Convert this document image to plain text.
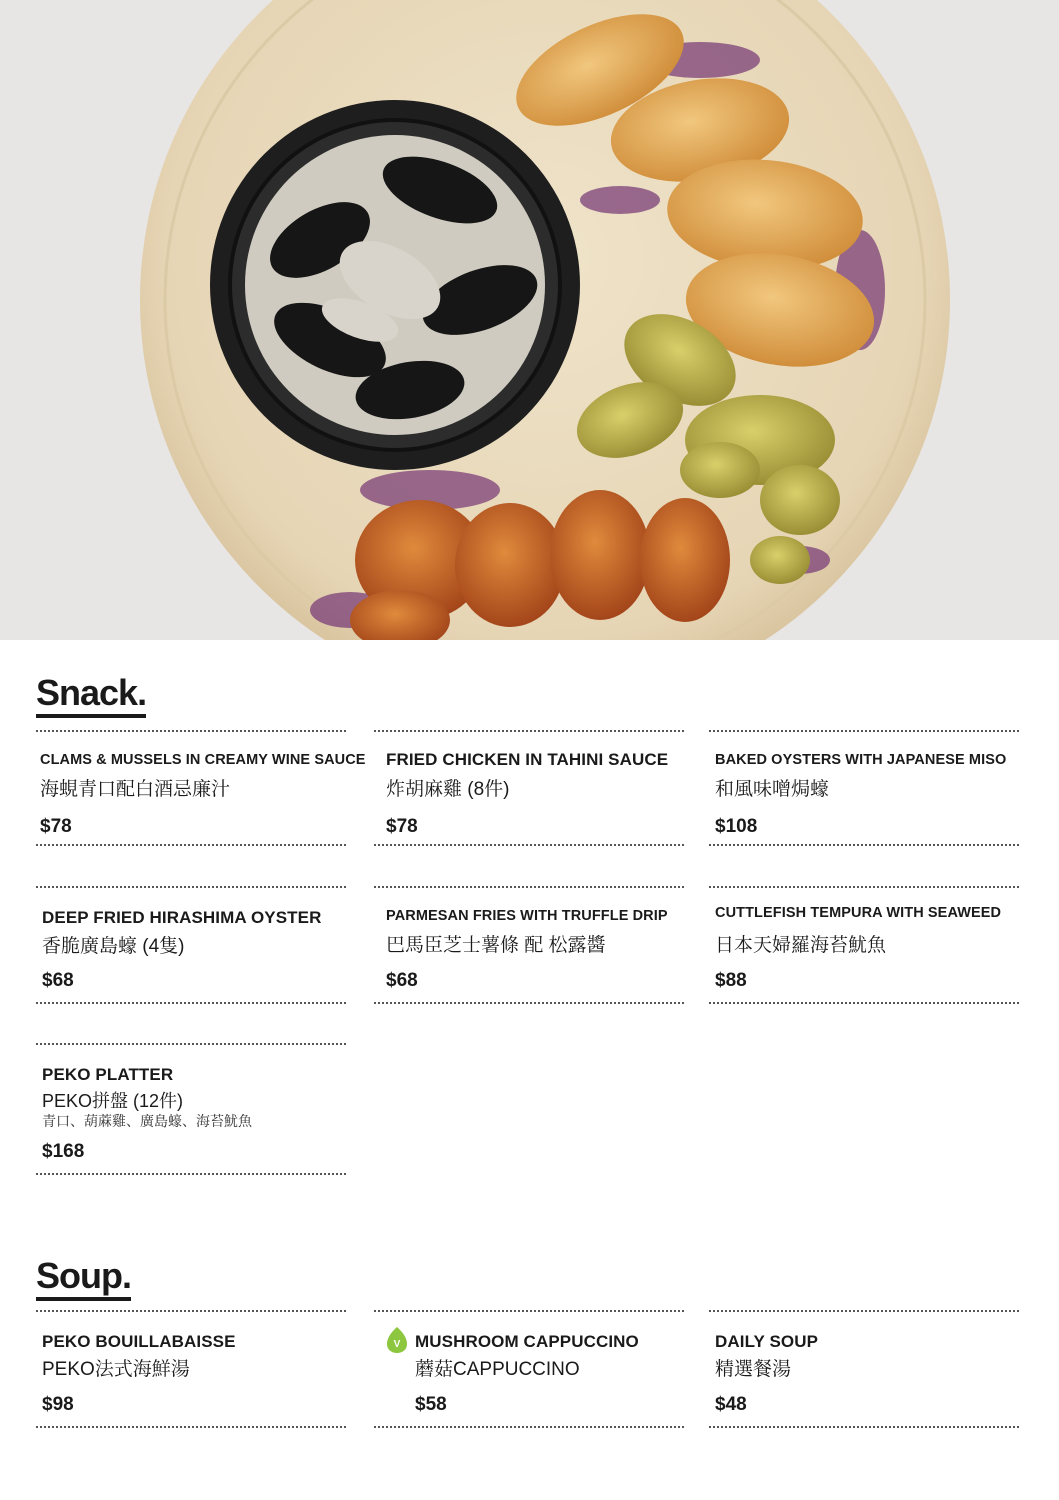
Snack.
CLAMS & MUSSELS IN CREAMY WINE SAUCE
海蜆青口配白酒忌廉汁
$78
FRIED CHICKEN IN TAHINI SAUCE
炸胡麻雞 (8件)
$78
BAKED OYSTERS WITH JAPANESE MISO
和風味噌焗蠔
$108
DEEP FRIED HIRASHIMA OYSTER
香脆廣島蠔 (4隻)
$68
PARMESAN FRIES WITH TRUFFLE DRIP
巴馬臣芝士薯條 配 松露醬
$68
CUTTLEFISH TEMPURA WITH SEAWEED
日本天婦羅海苔魷魚
$88
PEKO PLATTER
PEKO拼盤 (12件)
青口、葫蔴雞、廣島蠔、海苔魷魚
$168
Soup.
PEKO BOUILLABAISSE
PEKO法式海鮮湯
$98
V MUSHROOM CAPPUCCINO
蘑菇CAPPUCCINO
$58
DAILY SOUP
精選餐湯
$48
